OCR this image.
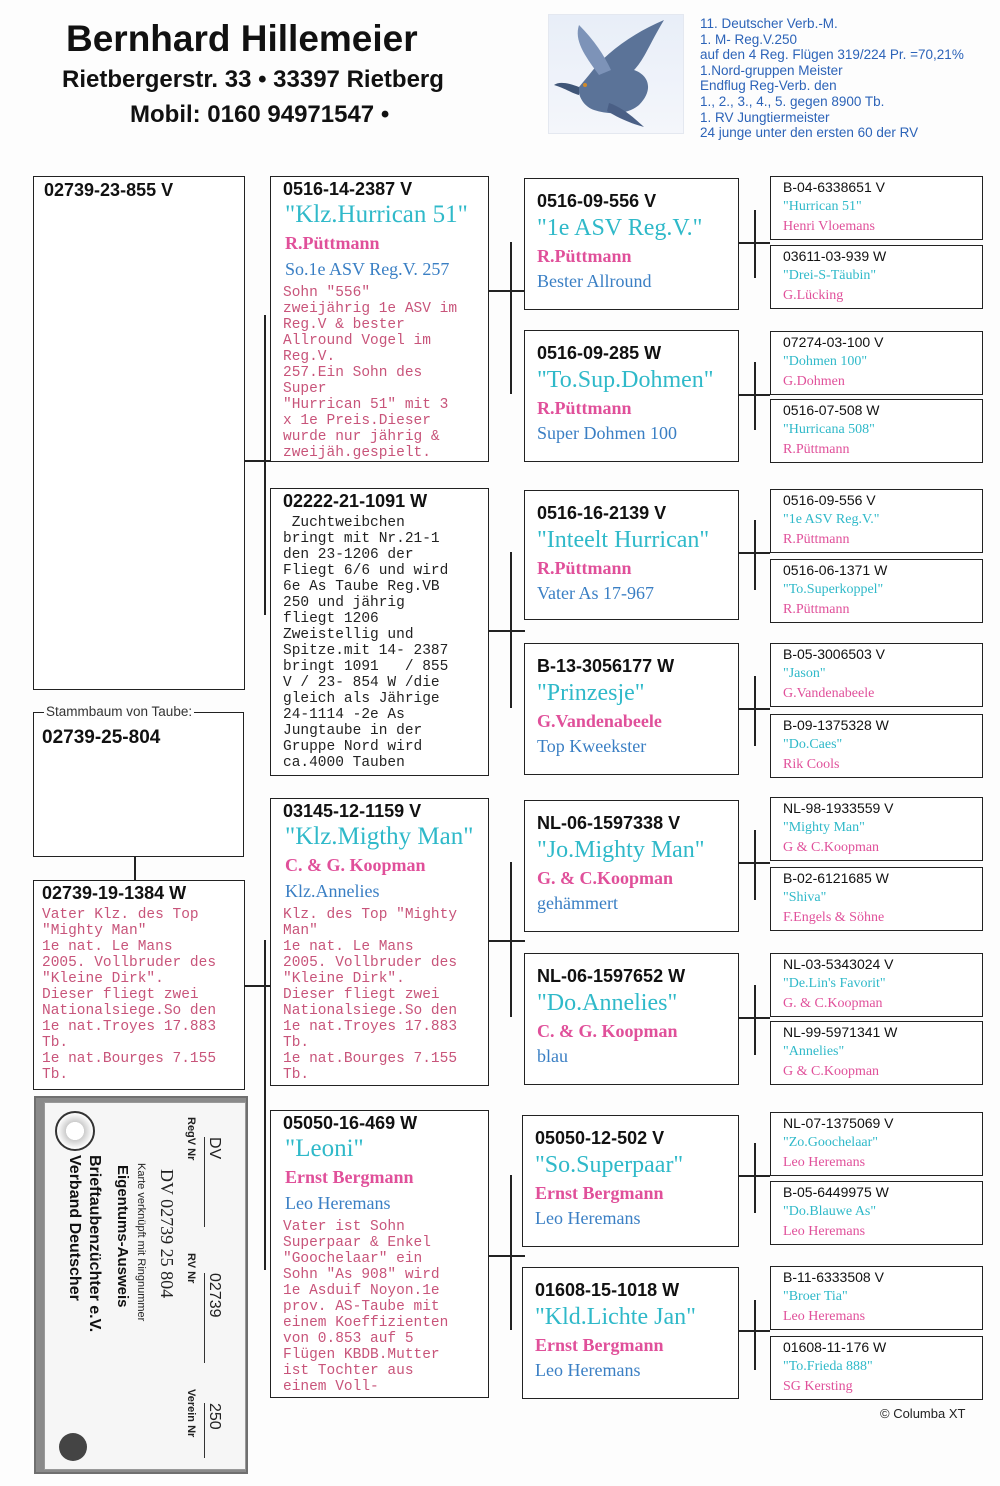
Bernhard Hillemeier
Rietbergerstr. 33 • 33397 Rietberg
Mobil: 0160 94971547 •
11. Deutscher Verb.-M.
1. M- Reg.V.250
auf den 4 Reg. Flügen 319/224 Pr. =70,21%
1.Nord-gruppen Meister
Endflug Reg-Verb. den
1., 2., 3., 4., 5. gegen 8900 Tb.
1. RV Jungtiermeister
24 junge unter den ersten 60 der RV
02739-23-855 V
02739-25-804
Stammbaum von Taube:
02739-19-1384 W
Vater Klz. des Top
"Mighty Man"
1e nat. Le Mans
2005. Vollbruder des
"Kleine Dirk".
Dieser fliegt zwei
Nationalsiege.So den
1e nat.Troyes 17.883
Tb.
1e nat.Bourges 7.155
Tb.
0516-14-2387 V
"Klz.Hurrican 51"
R.Püttmann
So.1e ASV Reg.V. 257
Sohn "556"
zweijährig 1e ASV im
Reg.V & bester
Allround Vogel im
Reg.V.
257.Ein Sohn des
Super
"Hurrican 51" mit 3
x 1e Preis.Dieser
wurde nur jährig &
zweijäh.gespielt.
02222-21-1091 W
Zuchtweibchen
bringt mit Nr.21-1
den 23-1206 der
Fliegt 6/6 und wird
6e As Taube Reg.VB
250 und jährig
fliegt 1206
Zweistellig und
Spitze.mit 14- 2387
bringt 1091   / 855
V / 23- 854 W /die
gleich als Jährige
24-1114 -2e As
Jungtaube in der
Gruppe Nord wird
ca.4000 Tauben
03145-12-1159 V
"Klz.Migthy Man"
C. & G. Koopman
Klz.Annelies
Klz. des Top "Mighty
Man"
1e nat. Le Mans
2005. Vollbruder des
"Kleine Dirk".
Dieser fliegt zwei
Nationalsiege.So den
1e nat.Troyes 17.883
Tb.
1e nat.Bourges 7.155
Tb.
05050-16-469 W
"Leoni"
Ernst Bergmann
Leo Heremans
Vater ist Sohn
Superpaar & Enkel
"Goochelaar" ein
Sohn "As 908" wird
1e Asduif Noyon.1e
prov. AS-Taube mit
einem Koeffizienten
von 0.853 auf 5
Flügen KBDB.Mutter
ist Tochter aus
einem Voll-
0516-09-556 V
"1e ASV Reg.V."
R.Püttmann
Bester Allround
0516-09-285 W
"To.Sup.Dohmen"
R.Püttmann
Super Dohmen 100
0516-16-2139 V
"Inteelt Hurrican"
R.Püttmann
Vater As 17-967
B-13-3056177 W
"Prinzesje"
G.Vandenabeele
Top Kweekster
NL-06-1597338 V
"Jo.Mighty Man"
G. & C.Koopman
gehämmert
NL-06-1597652 W
"Do.Annelies"
C. & G. Koopman
blau
05050-12-502 V
"So.Superpaar"
Ernst Bergmann
Leo Heremans
01608-15-1018 W
"Kld.Lichte Jan"
Ernst Bergmann
Leo Heremans
B-04-6338651 V
"Hurrican 51"
Henri Vloemans
03611-03-939 W
"Drei-S-Täubin"
G.Lücking
07274-03-100 V
"Dohmen 100"
G.Dohmen
0516-07-508 W
"Hurricana 508"
R.Püttmann
0516-09-556 V
"1e ASV Reg.V."
R.Püttmann
0516-06-1371 W
"To.Superkoppel"
R.Püttmann
B-05-3006503 V
"Jason"
G.Vandenabeele
B-09-1375328 W
"Do.Caes"
Rik Cools
NL-98-1933559 V
"Mighty Man"
G & C.Koopman
B-02-6121685 W
"Shiva"
F.Engels & Söhne
NL-03-5343024 V
"De.Lin's Favorit"
G. & C.Koopman
NL-99-5971341 W
"Annelies"
G & C.Koopman
NL-07-1375069 V
"Zo.Goochelaar"
Leo Heremans
B-05-6449975 W
"Do.Blauwe As"
Leo Heremans
B-11-6333508 V
"Broer Tia"
Leo Heremans
01608-11-176 W
"To.Frieda 888"
SG Kersting
Verband Deutscher Brieftaubenzüchter e.V. Eigentums-Ausweis Karte verknüpft mit Ringnummer DV 02739 25 804
RegV Nr
RV Nr
Verein Nr
DV
02739
250	© Columba XT
